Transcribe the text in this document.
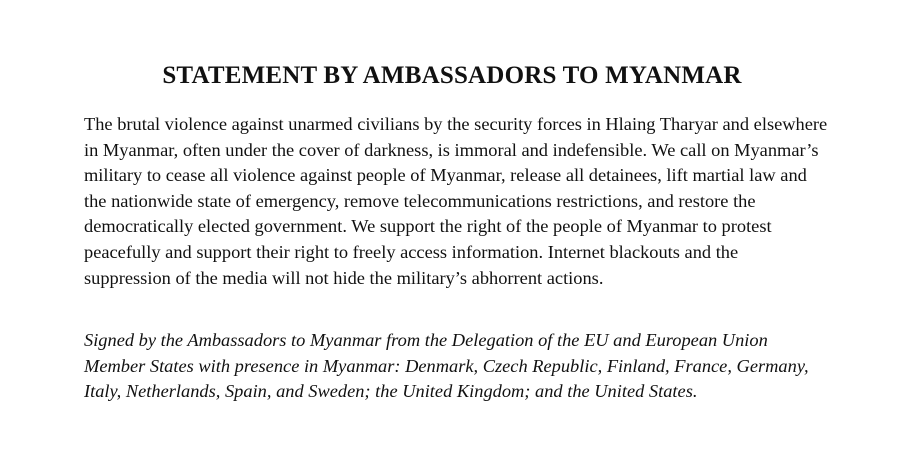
STATEMENT BY AMBASSADORS TO MYANMAR

The brutal violence against unarmed civilians by the security forces in Hlaing Tharyar and elsewhere in Myanmar, often under the cover of darkness, is immoral and indefensible. We call on Myanmar’s military to cease all violence against people of Myanmar, release all detainees, lift martial law and the nationwide state of emergency, remove telecommunications restrictions, and restore the democratically elected government. We support the right of the people of Myanmar to protest peacefully and support their right to freely access information. Internet blackouts and the suppression of the media will not hide the military’s abhorrent actions.

Signed by the Ambassadors to Myanmar from the Delegation of the EU and European Union Member States with presence in Myanmar: Denmark, Czech Republic, Finland, France, Germany, Italy, Netherlands, Spain, and Sweden; the United Kingdom; and the United States.
